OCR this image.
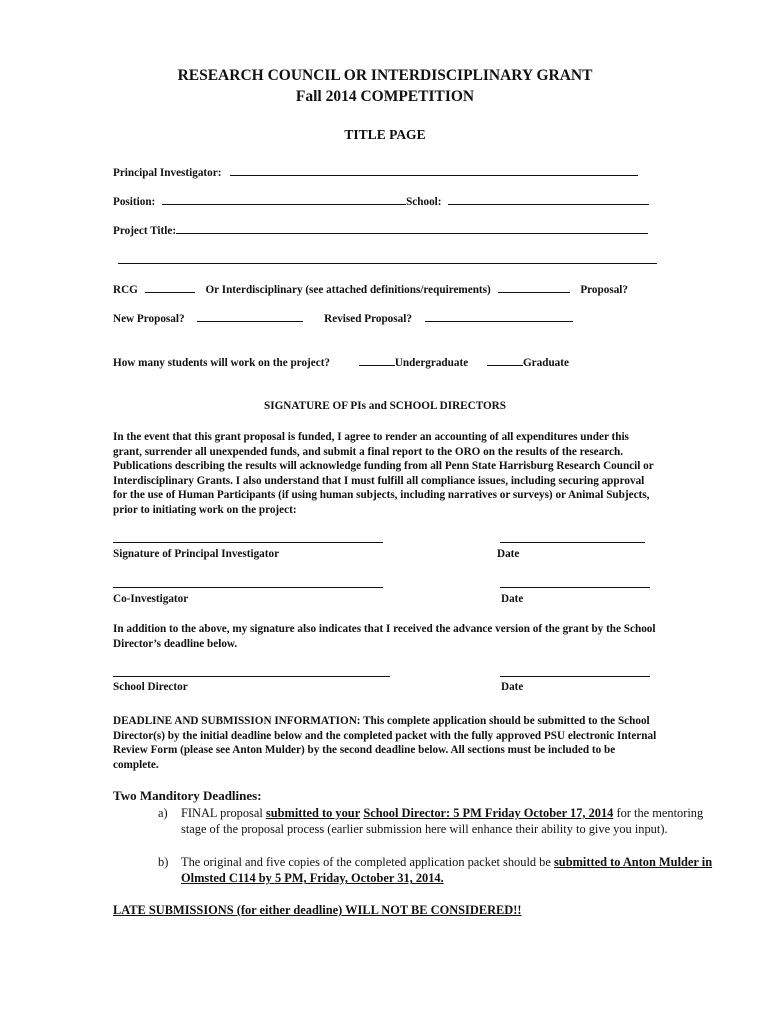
RESEARCH COUNCIL OR INTERDISCIPLINARY GRANT
Fall 2014 COMPETITION
TITLE PAGE
Principal Investigator:
Position:	School:
Project Title:
RCG	Or Interdisciplinary (see attached definitions/requirements)	Proposal?
New Proposal?	Revised Proposal?
How many students will work on the project?	Undergraduate	Graduate
SIGNATURE OF PIs and SCHOOL DIRECTORS
In the event that this grant proposal is funded, I agree to render an accounting of all expenditures under this grant, surrender all unexpended funds, and submit a final report to the ORO on the results of the research. Publications describing the results will acknowledge funding from all Penn State Harrisburg Research Council or Interdisciplinary Grants. I also understand that I must fulfill all compliance issues, including securing approval for the use of Human Participants (if using human subjects, including narratives or surveys) or Animal Subjects, prior to initiating work on the project:
Signature of Principal Investigator	Date
Co-Investigator	Date
In addition to the above, my signature also indicates that I received the advance version of the grant by the School Director’s deadline below.
School Director	Date
DEADLINE AND SUBMISSION INFORMATION: This complete application should be submitted to the School Director(s) by the initial deadline below and the completed packet with the fully approved PSU electronic Internal Review Form (please see Anton Mulder) by the second deadline below. All sections must be included to be complete.
Two Manditory Deadlines:
a) FINAL proposal submitted to your School Director: 5 PM Friday October 17, 2014 for the mentoring stage of the proposal process (earlier submission here will enhance their ability to give you input).
b) The original and five copies of the completed application packet should be submitted to Anton Mulder in Olmsted C114 by 5 PM, Friday, October 31, 2014.
LATE SUBMISSIONS (for either deadline) WILL NOT BE CONSIDERED!!
